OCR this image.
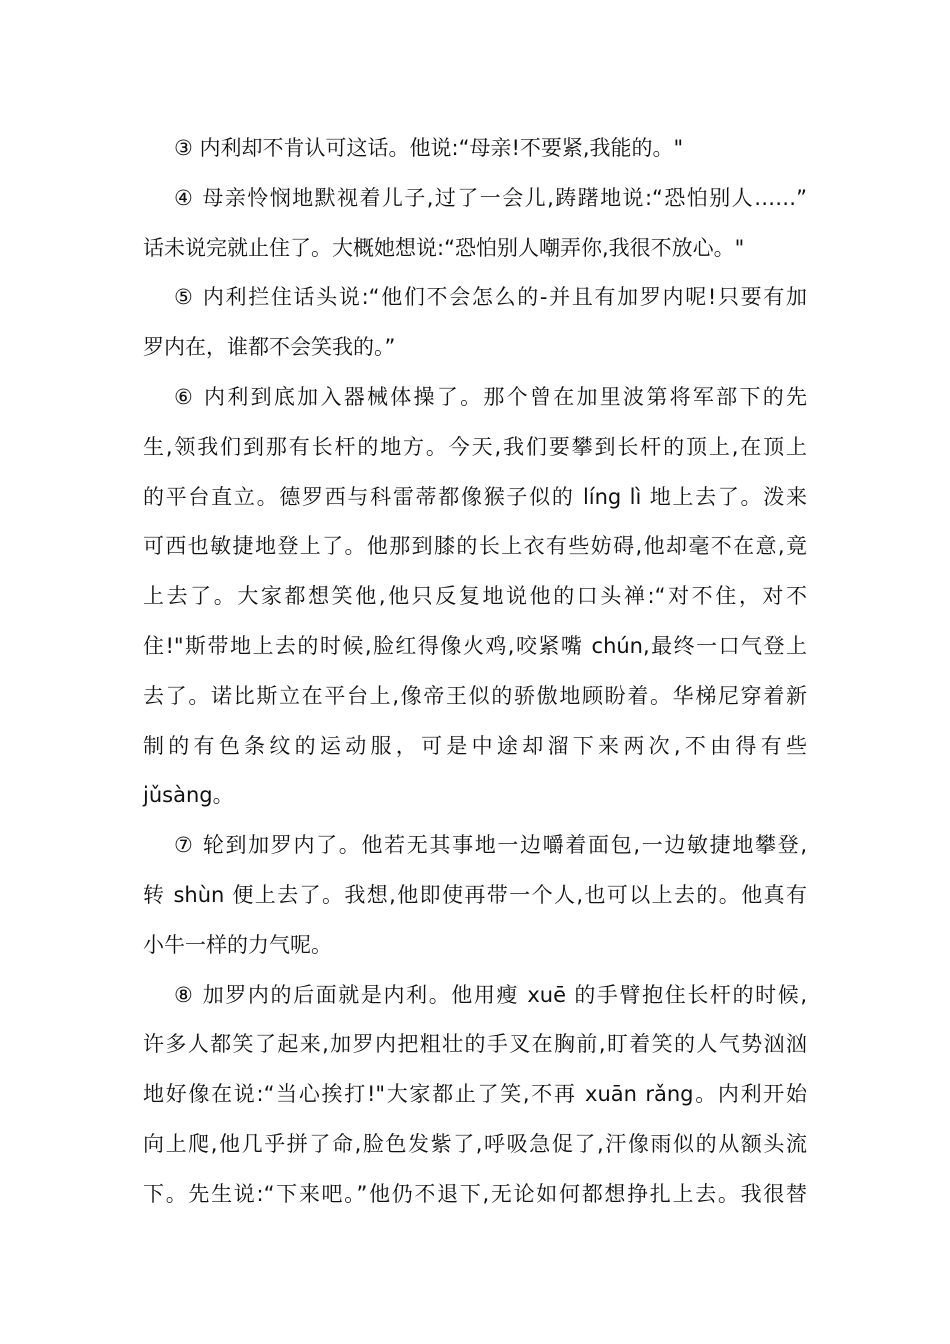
③ 内利却不肯认可这话。他说:“母亲!不要紧,我能的。"
④ 母亲怜悯地默视着儿子,过了一会儿,踌躇地说:“恐怕别人……”
话未说完就止住了。大概她想说:“恐怕别人嘲弄你,我很不放心。"
⑤ 内利拦住话头说:“他们不会怎么的-并且有加罗内呢!只要有加
罗内在，谁都不会笑我的。”
⑥ 内利到底加入器械体操了。那个曾在加里波第将军部下的先
生,领我们到那有长杆的地方。今天,我们要攀到长杆的顶上,在顶上
的平台直立。德罗西与科雷蒂都像猴子似的 líng lì 地上去了。泼来
可西也敏捷地登上了。他那到膝的长上衣有些妨碍,他却毫不在意,竟
上去了。大家都想笑他,他只反复地说他的口头禅:“对不住，对不
住!"斯带地上去的时候,脸红得像火鸡,咬紧嘴 chún,最终一口气登上
去了。诺比斯立在平台上,像帝王似的骄傲地顾盼着。华梯尼穿着新
制的有色条纹的运动服，可是中途却溜下来两次,不由得有些
jǔsàng。
⑦ 轮到加罗内了。他若无其事地一边嚼着面包,一边敏捷地攀登,
转 shùn 便上去了。我想,他即使再带一个人,也可以上去的。他真有
小牛一样的力气呢。
⑧ 加罗内的后面就是内利。他用瘦 xuē 的手臂抱住长杆的时候,
许多人都笑了起来,加罗内把粗壮的手叉在胸前,盯着笑的人气势汹汹
地好像在说:“当心挨打!"大家都止了笑,不再 xuān rǎng。内利开始
向上爬,他几乎拼了命,脸色发紫了,呼吸急促了,汗像雨似的从额头流
下。先生说:“下来吧。”他仍不退下,无论如何都想挣扎上去。我很替
